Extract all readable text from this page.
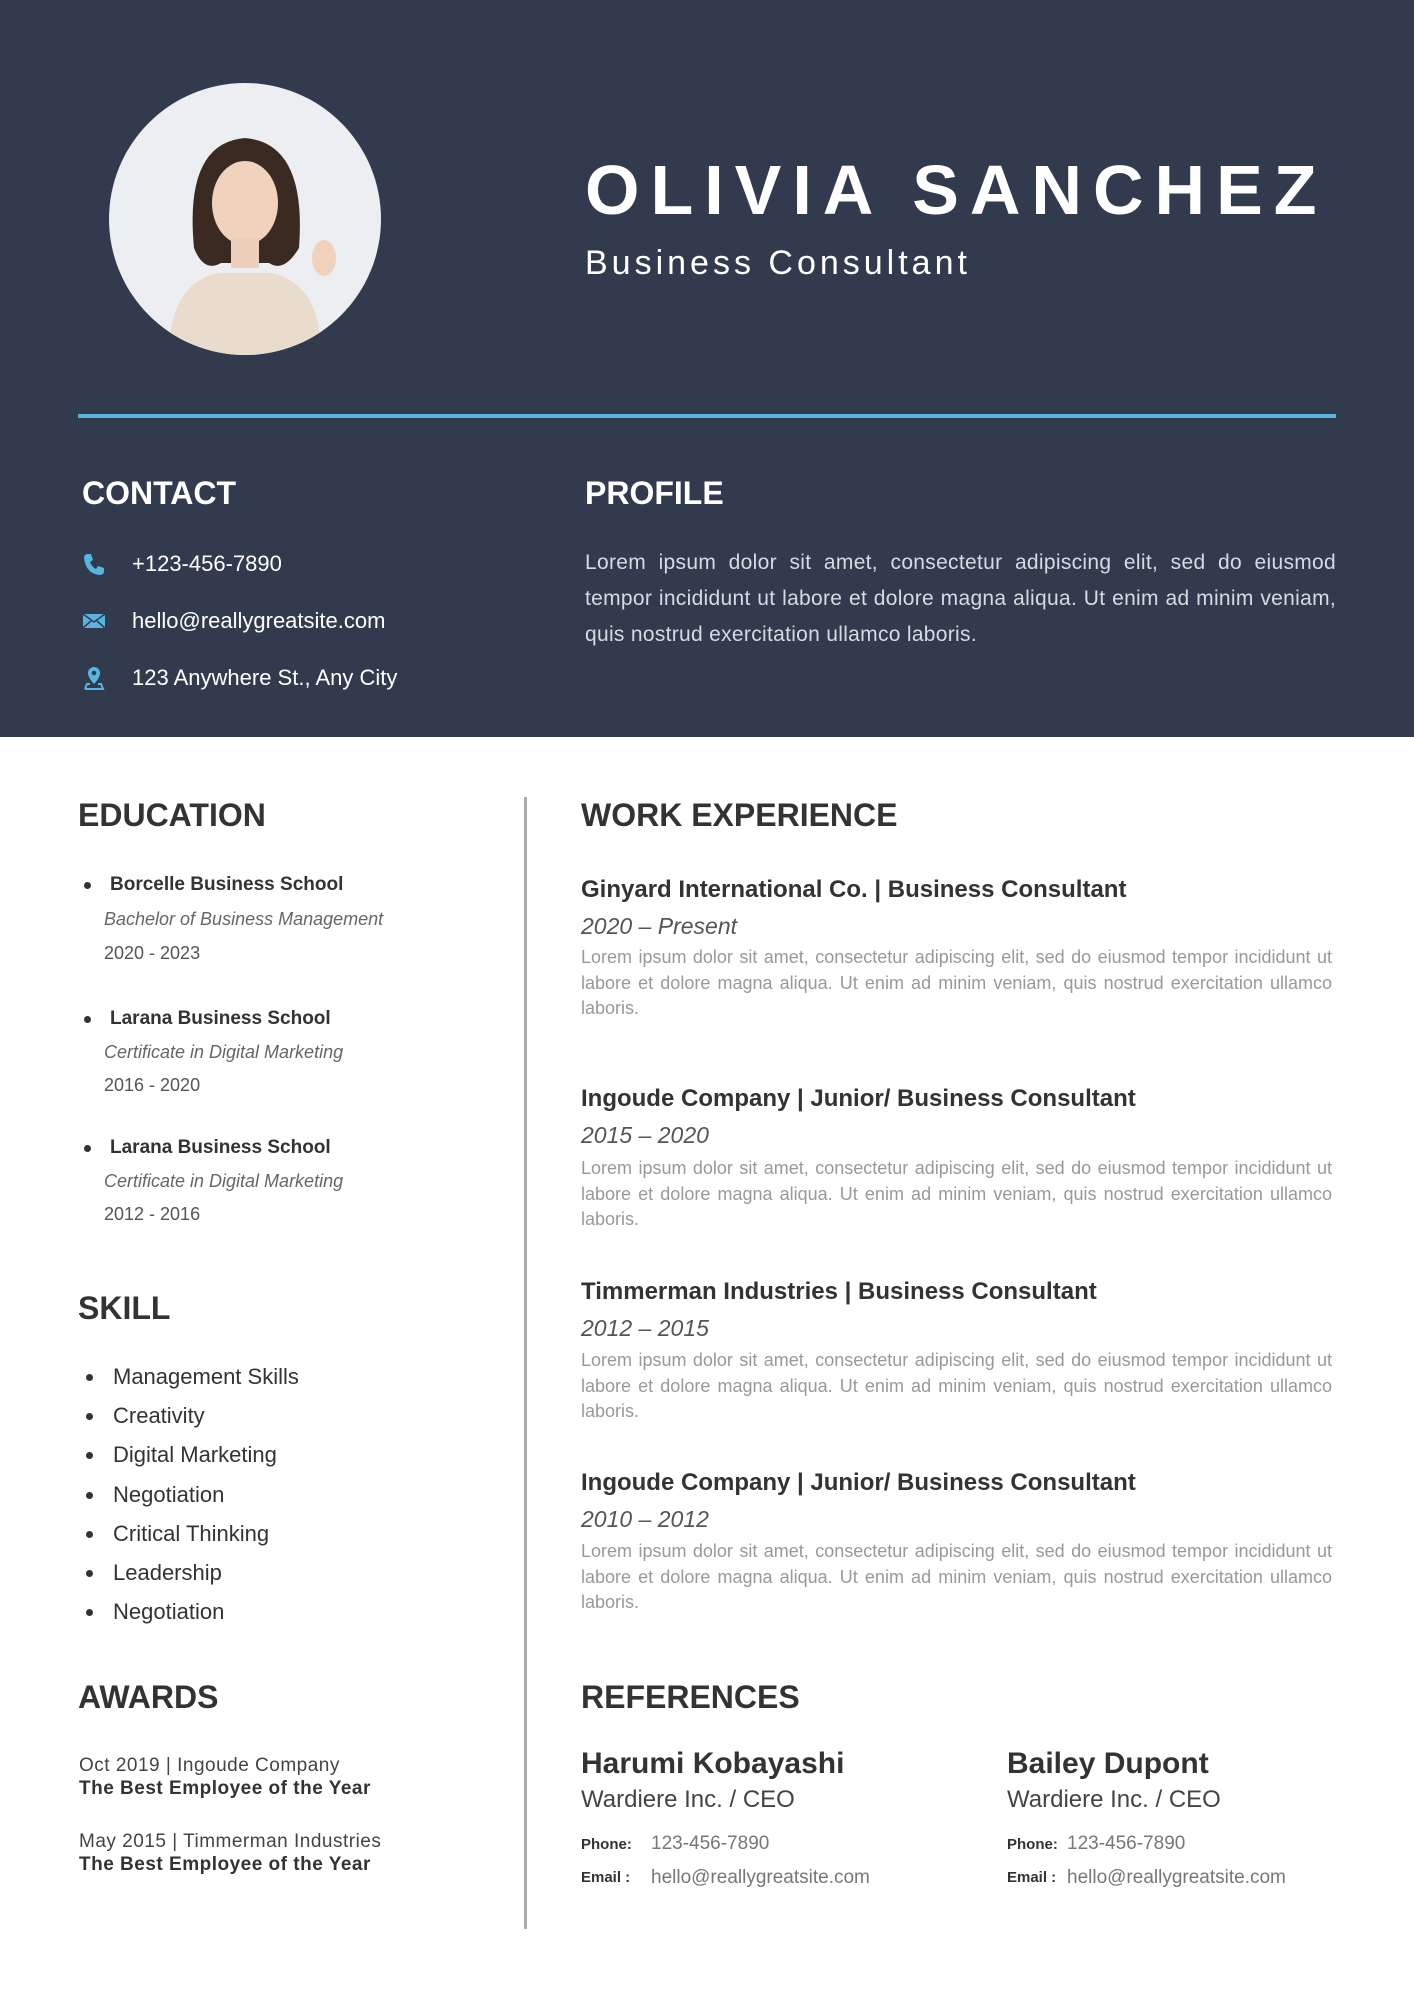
OLIVIA SANCHEZ
Business Consultant
CONTACT	PROFILE
+123-456-7890
hello@reallygreatsite.com
123 Anywhere St., Any City
Lorem ipsum dolor sit amet, consectetur adipiscing elit, sed do eiusmod tempor incididunt ut labore et dolore magna aliqua. Ut enim ad minim veniam, quis nostrud exercitation ullamco laboris.
EDUCATION
Borcelle Business School
Bachelor of Business Management
2020 - 2023
Larana Business School
Certificate in Digital Marketing
2016 - 2020
Larana Business School
Certificate in Digital Marketing
2012 - 2016
SKILL
Management Skills
Creativity
Digital Marketing
Negotiation
Critical Thinking
Leadership
Negotiation
AWARDS
Oct 2019 | Ingoude Company
The Best Employee of the Year
May 2015 | Timmerman Industries
The Best Employee of the Year
WORK EXPERIENCE
Ginyard International Co. | Business Consultant
2020 – Present
Lorem ipsum dolor sit amet, consectetur adipiscing elit, sed do eiusmod tempor incididunt ut labore et dolore magna aliqua. Ut enim ad minim veniam, quis nostrud exercitation ullamco laboris.
Ingoude Company | Junior/ Business Consultant
2015 – 2020
Lorem ipsum dolor sit amet, consectetur adipiscing elit, sed do eiusmod tempor incididunt ut labore et dolore magna aliqua. Ut enim ad minim veniam, quis nostrud exercitation ullamco laboris.
Timmerman Industries | Business Consultant
2012 – 2015
Lorem ipsum dolor sit amet, consectetur adipiscing elit, sed do eiusmod tempor incididunt ut labore et dolore magna aliqua. Ut enim ad minim veniam, quis nostrud exercitation ullamco laboris.
Ingoude Company | Junior/ Business Consultant
2010 – 2012
Lorem ipsum dolor sit amet, consectetur adipiscing elit, sed do eiusmod tempor incididunt ut labore et dolore magna aliqua. Ut enim ad minim veniam, quis nostrud exercitation ullamco laboris.
REFERENCES
Harumi Kobayashi
Wardiere Inc. / CEO
Phone: 123-456-7890
Email : hello@reallygreatsite.com
Bailey Dupont
Wardiere Inc. / CEO
Phone: 123-456-7890
Email : hello@reallygreatsite.com
